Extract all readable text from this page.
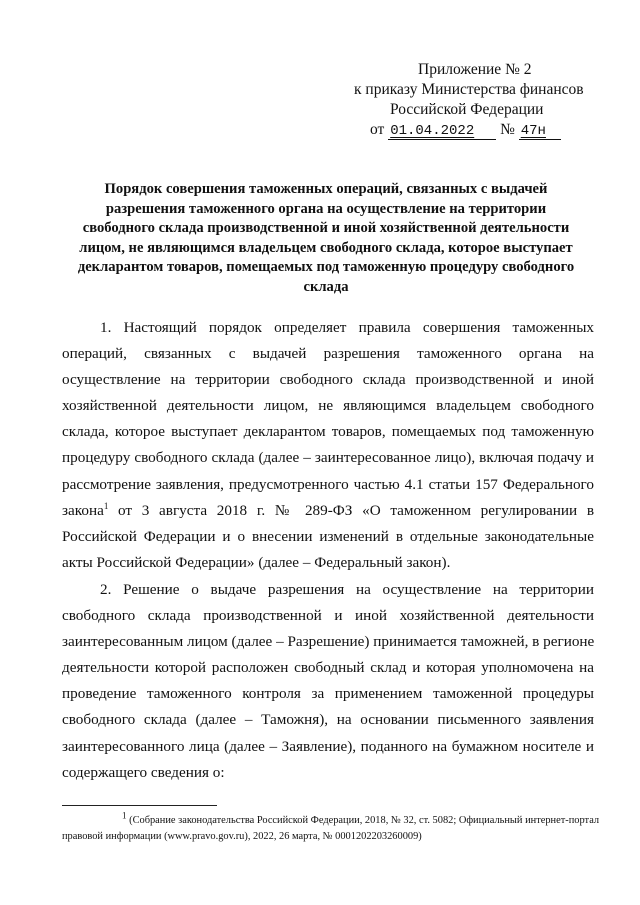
Приложение № 2
к приказу Министерства финансов
Российской Федерации
от 01.04.2022 № 47н
Порядок совершения таможенных операций, связанных с выдачей
разрешения таможенного органа на осуществление на территории
свободного склада производственной и иной хозяйственной деятельности
лицом, не являющимся владельцем свободного склада, которое выступает
декларантом товаров, помещаемых под таможенную процедуру свободного
склада
1. Настоящий порядок определяет правила совершения таможенных
операций, связанных с выдачей разрешения таможенного органа на
осуществление на территории свободного склада производственной и иной
хозяйственной деятельности лицом, не являющимся владельцем свободного
склада, которое выступает декларантом товаров, помещаемых под таможенную
процедуру свободного склада (далее – заинтересованное лицо), включая подачу и
рассмотрение заявления, предусмотренного частью 4.1 статьи 157 Федерального
закона$^1$ от 3 августа 2018 г. № 289-ФЗ «О таможенном регулировании в
Российской Федерации и о внесении изменений в отдельные законодательные
акты Российской Федерации» (далее – Федеральный закон).
2. Решение о выдаче разрешения на осуществление на территории
свободного склада производственной и иной хозяйственной деятельности
заинтересованным лицом (далее – Разрешение) принимается таможней, в регионе
деятельности которой расположен свободный склад и которая уполномочена на
проведение таможенного контроля за применением таможенной процедуры
свободного склада (далее – Таможня), на основании письменного заявления
заинтересованного лица (далее – Заявление), поданного на бумажном носителе и
содержащего сведения о:
$^1$ (Собрание законодательства Российской Федерации, 2018, № 32, ст. 5082; Официальный интернет-портал
правовой информации (www.pravo.gov.ru), 2022, 26 марта, № 0001202203260009)
